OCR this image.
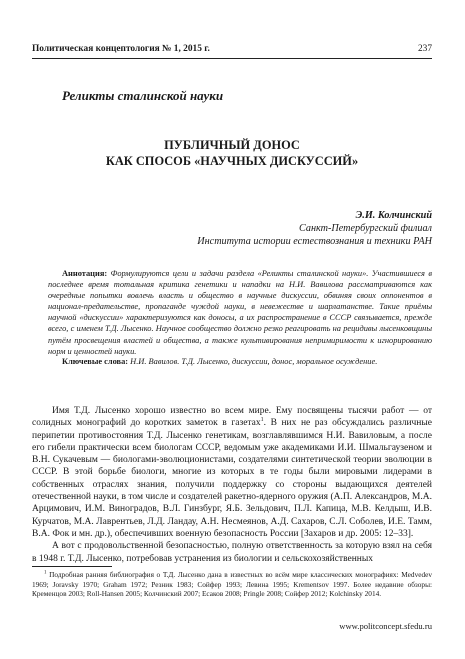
Политическая концептология № 1, 2015 г.	237
Реликты сталинской науки
ПУБЛИЧНЫЙ ДОНОС
КАК СПОСОБ «НАУЧНЫХ ДИСКУССИЙ»
Э.И. Колчинский
Санкт-Петербургский филиал
Института истории естествознания и техники РАН
Аннотация: Формулируются цели и задачи раздела «Реликты сталинской науки». Участившиеся в последнее время тотальная критика генетики и нападки на Н.И. Вавилова рассматриваются как очередные попытки вовлечь власть и общество в научные дискуссии, обвиняя своих оппонентов в национал-предательстве, пропаганде чуждой науки, в невежестве и шарлатанстве. Такие приёмы научной «дискуссии» характеризуются как доносы, а их распространение в СССР связывается, прежде всего, с именем Т.Д. Лысенко. Научное сообщество должно резко реагировать на рецидивы лысенковщины путём просвещения властей и общества, а также культивирования непримиримости к игнорированию норм и ценностей науки.
Ключевые слова: Н.И. Вавилов. Т.Д. Лысенко, дискуссии, донос, моральное осуждение.

Имя Т.Д. Лысенко хорошо известно во всем мире. Ему посвящены тысячи работ — от солидных монографий до коротких заметок в газетах$^1$. В них не раз обсуждались различные перипетии противостояния Т.Д. Лысенко генетикам, возглавлявшимся Н.И. Вавиловым, а после его гибели практически всем биологам СССР, ведомым уже академиками И.И. Шмальгаузеном и В.Н. Сукачевым — биологами-эволюционистами, создателями синтетической теории эволюции в СССР. В этой борьбе биологи, многие из которых в те годы были мировыми лидерами в собственных отраслях знания, получили поддержку со стороны выдающихся деятелей отечественной науки, в том числе и создателей ракетно-ядерного оружия (А.П. Александров, М.А. Арцимович, И.М. Виноградов, В.Л. Гинзбург, Я.Б. Зельдович, П.Л. Капица, М.В. Келдыш, И.В. Курчатов, М.А. Лаврентьев, Л.Д. Ландау, А.Н. Несмеянов, А.Д. Сахаров, С.Л. Соболев, И.Е. Тамм, В.А. Фок и мн. др.), обеспечивших военную безопасность России [Захаров и др. 2005: 12–33].

А вот с продовольственной безопасностью, полную ответственность за которую взял на себя в 1948 г. Т.Д. Лысенко, потребовав устранения из биологии и сельскохозяйственных

$^1$ Подробная ранняя библиография о Т.Д. Лысенко дана в известных во всём мире классических монографиях: Medvedev 1969; Joravsky 1970; Graham 1972; Резник 1983; Сойфер 1993; Левина 1995; Krementsov 1997. Более недавние обзоры: Кременцов 2003; Roll-Hansen 2005; Колчинский 2007; Есаков 2008; Pringle 2008; Сойфер 2012; Kolchinsky 2014.
www.politconcept.sfedu.ru
